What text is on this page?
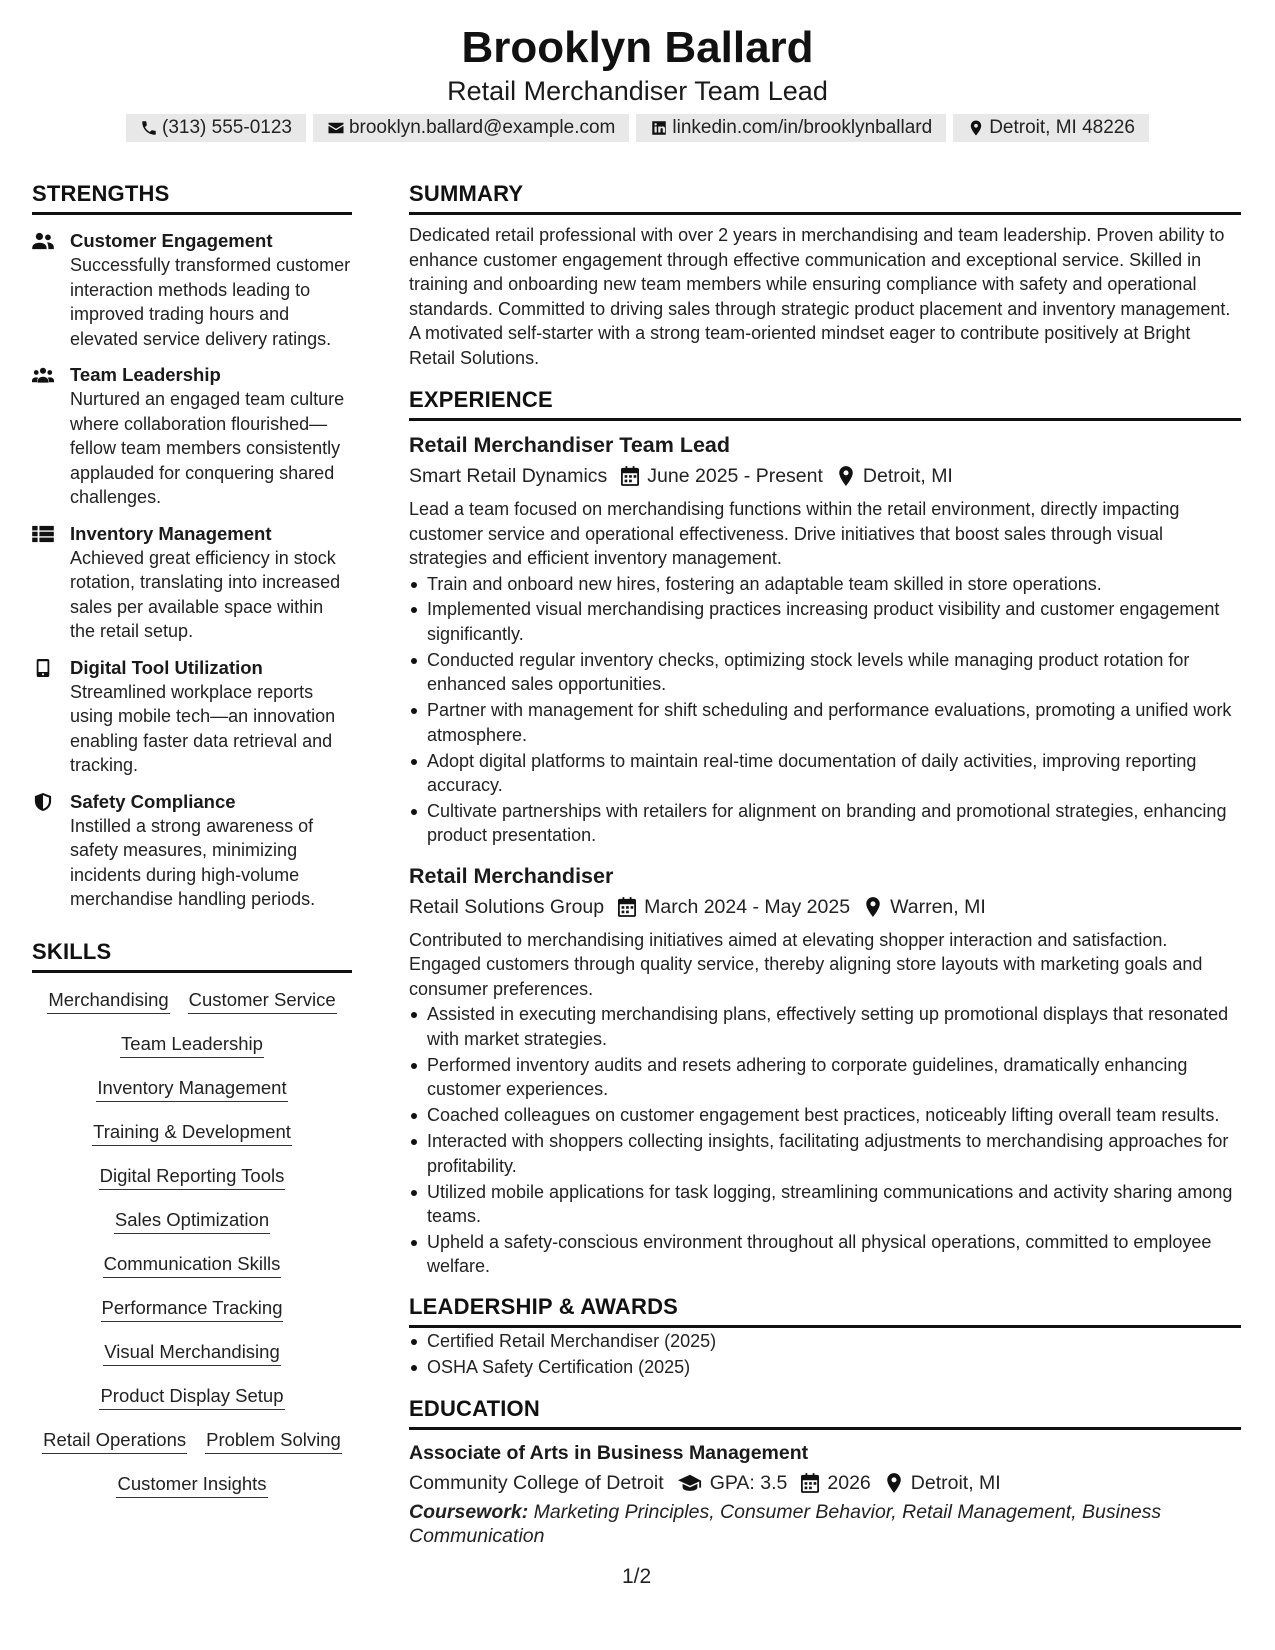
Brooklyn Ballard
Retail Merchandiser Team Lead
(313) 555-0123	brooklyn.ballard@example.com	linkedin.com/in/brooklynballard	Detroit, MI 48226
STRENGTHS
Customer Engagement
Successfully transformed customer interaction methods leading to improved trading hours and elevated service delivery ratings.
Team Leadership
Nurtured an engaged team culture where collaboration flourished—fellow team members consistently applauded for conquering shared challenges.
Inventory Management
Achieved great efficiency in stock rotation, translating into increased sales per available space within the retail setup.
Digital Tool Utilization
Streamlined workplace reports using mobile tech—an innovation enabling faster data retrieval and tracking.
Safety Compliance
Instilled a strong awareness of safety measures, minimizing incidents during high-volume merchandise handling periods.
SKILLS
Merchandising Customer Service
Team Leadership
Inventory Management
Training & Development
Digital Reporting Tools
Sales Optimization
Communication Skills
Performance Tracking
Visual Merchandising
Product Display Setup
Retail Operations Problem Solving
Customer Insights
SUMMARY
Dedicated retail professional with over 2 years in merchandising and team leadership. Proven ability to enhance customer engagement through effective communication and exceptional service. Skilled in training and onboarding new team members while ensuring compliance with safety and operational standards. Committed to driving sales through strategic product placement and inventory management. A motivated self-starter with a strong team-oriented mindset eager to contribute positively at Bright Retail Solutions.
EXPERIENCE
Retail Merchandiser Team Lead
Smart Retail Dynamics June 2025 - Present Detroit, MI
Lead a team focused on merchandising functions within the retail environment, directly impacting customer service and operational effectiveness. Drive initiatives that boost sales through visual strategies and efficient inventory management.
Train and onboard new hires, fostering an adaptable team skilled in store operations.
Implemented visual merchandising practices increasing product visibility and customer engagement significantly.
Conducted regular inventory checks, optimizing stock levels while managing product rotation for enhanced sales opportunities.
Partner with management for shift scheduling and performance evaluations, promoting a unified work atmosphere.
Adopt digital platforms to maintain real-time documentation of daily activities, improving reporting accuracy.
Cultivate partnerships with retailers for alignment on branding and promotional strategies, enhancing product presentation.
Retail Merchandiser
Retail Solutions Group March 2024 - May 2025 Warren, MI
Contributed to merchandising initiatives aimed at elevating shopper interaction and satisfaction. Engaged customers through quality service, thereby aligning store layouts with marketing goals and consumer preferences.
Assisted in executing merchandising plans, effectively setting up promotional displays that resonated with market strategies.
Performed inventory audits and resets adhering to corporate guidelines, dramatically enhancing customer experiences.
Coached colleagues on customer engagement best practices, noticeably lifting overall team results.
Interacted with shoppers collecting insights, facilitating adjustments to merchandising approaches for profitability.
Utilized mobile applications for task logging, streamlining communications and activity sharing among teams.
Upheld a safety-conscious environment throughout all physical operations, committed to employee welfare.
LEADERSHIP & AWARDS
Certified Retail Merchandiser (2025)
OSHA Safety Certification (2025)
EDUCATION
Associate of Arts in Business Management
Community College of Detroit GPA: 3.5 2026 Detroit, MI
Coursework: Marketing Principles, Consumer Behavior, Retail Management, Business Communication
1/2
